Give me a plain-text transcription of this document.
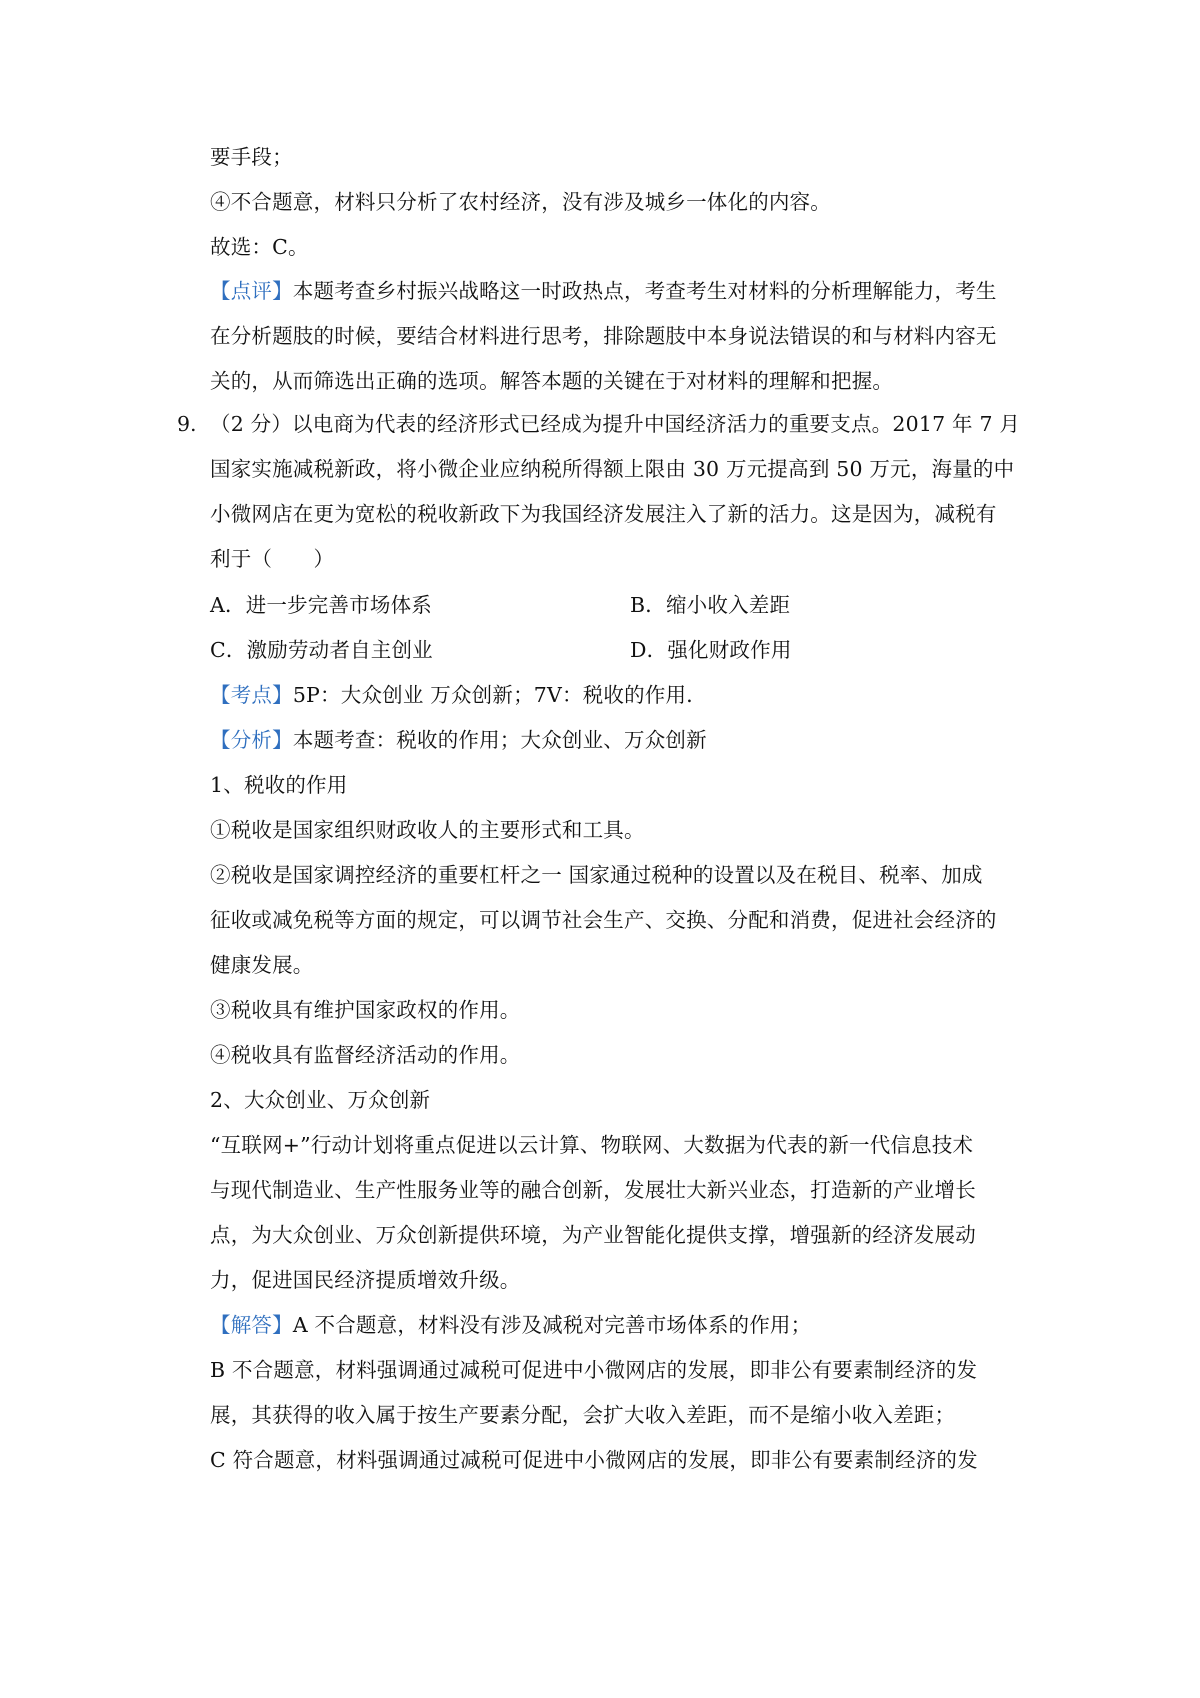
要手段；
④不合题意，材料只分析了农村经济，没有涉及城乡一体化的内容。
故选：C。
【点评】本题考查乡村振兴战略这一时政热点，考查考生对材料的分析理解能力，考生
在分析题肢的时候，要结合材料进行思考，排除题肢中本身说法错误的和与材料内容无
关的，从而筛选出正确的选项。解答本题的关键在于对材料的理解和把握。
9. （2 分）以电商为代表的经济形式已经成为提升中国经济活力的重要支点。2017 年 7 月
国家实施减税新政，将小微企业应纳税所得额上限由 30 万元提高到 50 万元，海量的中
小微网店在更为宽松的税收新政下为我国经济发展注入了新的活力。这是因为，减税有
利于（　　）
A．进一步完善市场体系	B．缩小收入差距
C．激励劳动者自主创业	D．强化财政作用
【考点】5P：大众创业 万众创新；7V：税收的作用．
【分析】本题考查：税收的作用；大众创业、万众创新
1、税收的作用
①税收是国家组织财政收人的主要形式和工具。
②税收是国家调控经济的重要杠杆之一 国家通过税种的设置以及在税目、税率、加成
征收或减免税等方面的规定，可以调节社会生产、交换、分配和消费，促进社会经济的
健康发展。
③税收具有维护国家政权的作用。
④税收具有监督经济活动的作用。
2、大众创业、万众创新
“互联网+”行动计划将重点促进以云计算、物联网、大数据为代表的新一代信息技术
与现代制造业、生产性服务业等的融合创新，发展壮大新兴业态，打造新的产业增长
点，为大众创业、万众创新提供环境，为产业智能化提供支撑，增强新的经济发展动
力，促进国民经济提质增效升级。
【解答】A 不合题意，材料没有涉及减税对完善市场体系的作用；
B 不合题意，材料强调通过减税可促进中小微网店的发展，即非公有要素制经济的发
展，其获得的收入属于按生产要素分配，会扩大收入差距，而不是缩小收入差距；
C 符合题意，材料强调通过减税可促进中小微网店的发展，即非公有要素制经济的发
